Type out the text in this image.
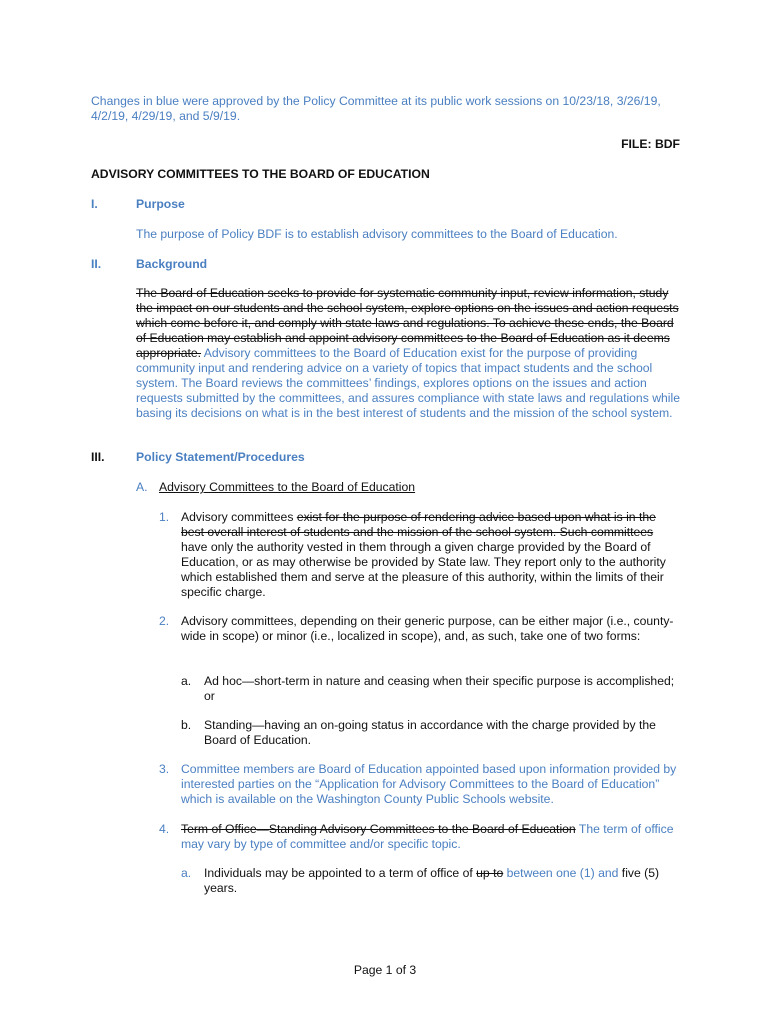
Changes in blue were approved by the Policy Committee at its public work sessions on 10/23/18, 3/26/19, 4/2/19, 4/29/19, and 5/9/19.
FILE: BDF
ADVISORY COMMITTEES TO THE BOARD OF EDUCATION
I.	Purpose
The purpose of Policy BDF is to establish advisory committees to the Board of Education.
II.	Background
The Board of Education seeks to provide for systematic community input, review information, study the impact on our students and the school system, explore options on the issues and action requests which come before it, and comply with state laws and regulations. To achieve these ends, the Board of Education may establish and appoint advisory committees to the Board of Education as it deems appropriate. Advisory committees to the Board of Education exist for the purpose of providing community input and rendering advice on a variety of topics that impact students and the school system. The Board reviews the committees’ findings, explores options on the issues and action requests submitted by the committees, and assures compliance with state laws and regulations while basing its decisions on what is in the best interest of students and the mission of the school system.
III.	Policy Statement/Procedures
A. Advisory Committees to the Board of Education
1. Advisory committees exist for the purpose of rendering advice based upon what is in the best overall interest of students and the mission of the school system. Such committees have only the authority vested in them through a given charge provided by the Board of Education, or as may otherwise be provided by State law. They report only to the authority which established them and serve at the pleasure of this authority, within the limits of their specific charge.
2. Advisory committees, depending on their generic purpose, can be either major (i.e., county-wide in scope) or minor (i.e., localized in scope), and, as such, take one of two forms:
a. Ad hoc—short-term in nature and ceasing when their specific purpose is accomplished; or
b. Standing—having an on-going status in accordance with the charge provided by the Board of Education.
3. Committee members are Board of Education appointed based upon information provided by interested parties on the “Application for Advisory Committees to the Board of Education” which is available on the Washington County Public Schools website.
4. Term of Office—Standing Advisory Committees to the Board of Education The term of office may vary by type of committee and/or specific topic.
a. Individuals may be appointed to a term of office of up to between one (1) and five (5) years.
Page 1 of 3
